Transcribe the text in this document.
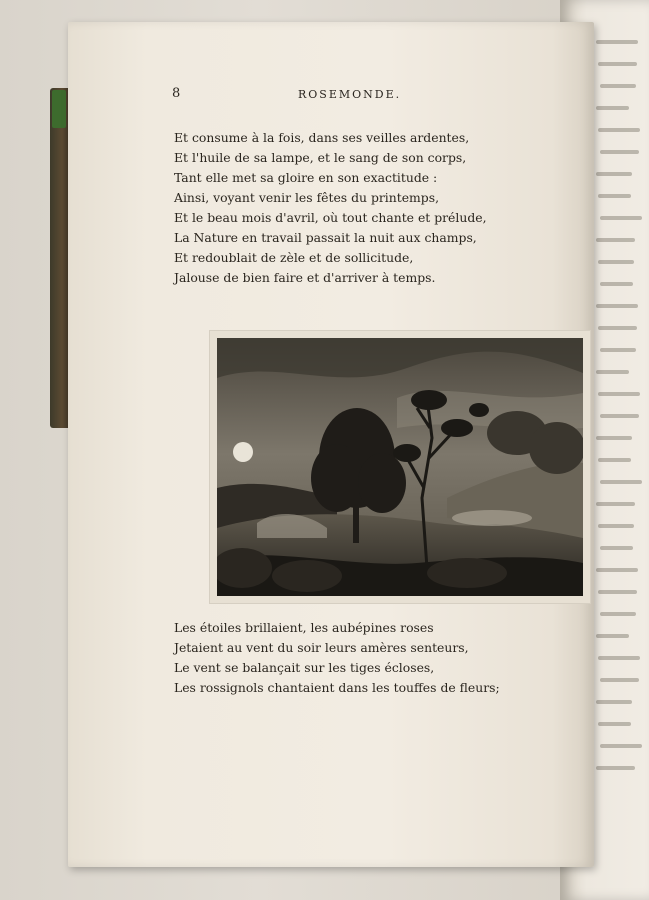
8	ROSEMONDE.
Et consume à la fois, dans ses veilles ardentes,
Et l'huile de sa lampe, et le sang de son corps,
Tant elle met sa gloire en son exactitude :
Ainsi, voyant venir les fêtes du printemps,
Et le beau mois d'avril, où tout chante et prélude,
La Nature en travail passait la nuit aux champs,
Et redoublait de zèle et de sollicitude,
Jalouse de bien faire et d'arriver à temps.
Les étoiles brillaient, les aubépines roses
Jetaient au vent du soir leurs amères senteurs,
Le vent se balançait sur les tiges écloses,
Les rossignols chantaient dans les touffes de fleurs;
